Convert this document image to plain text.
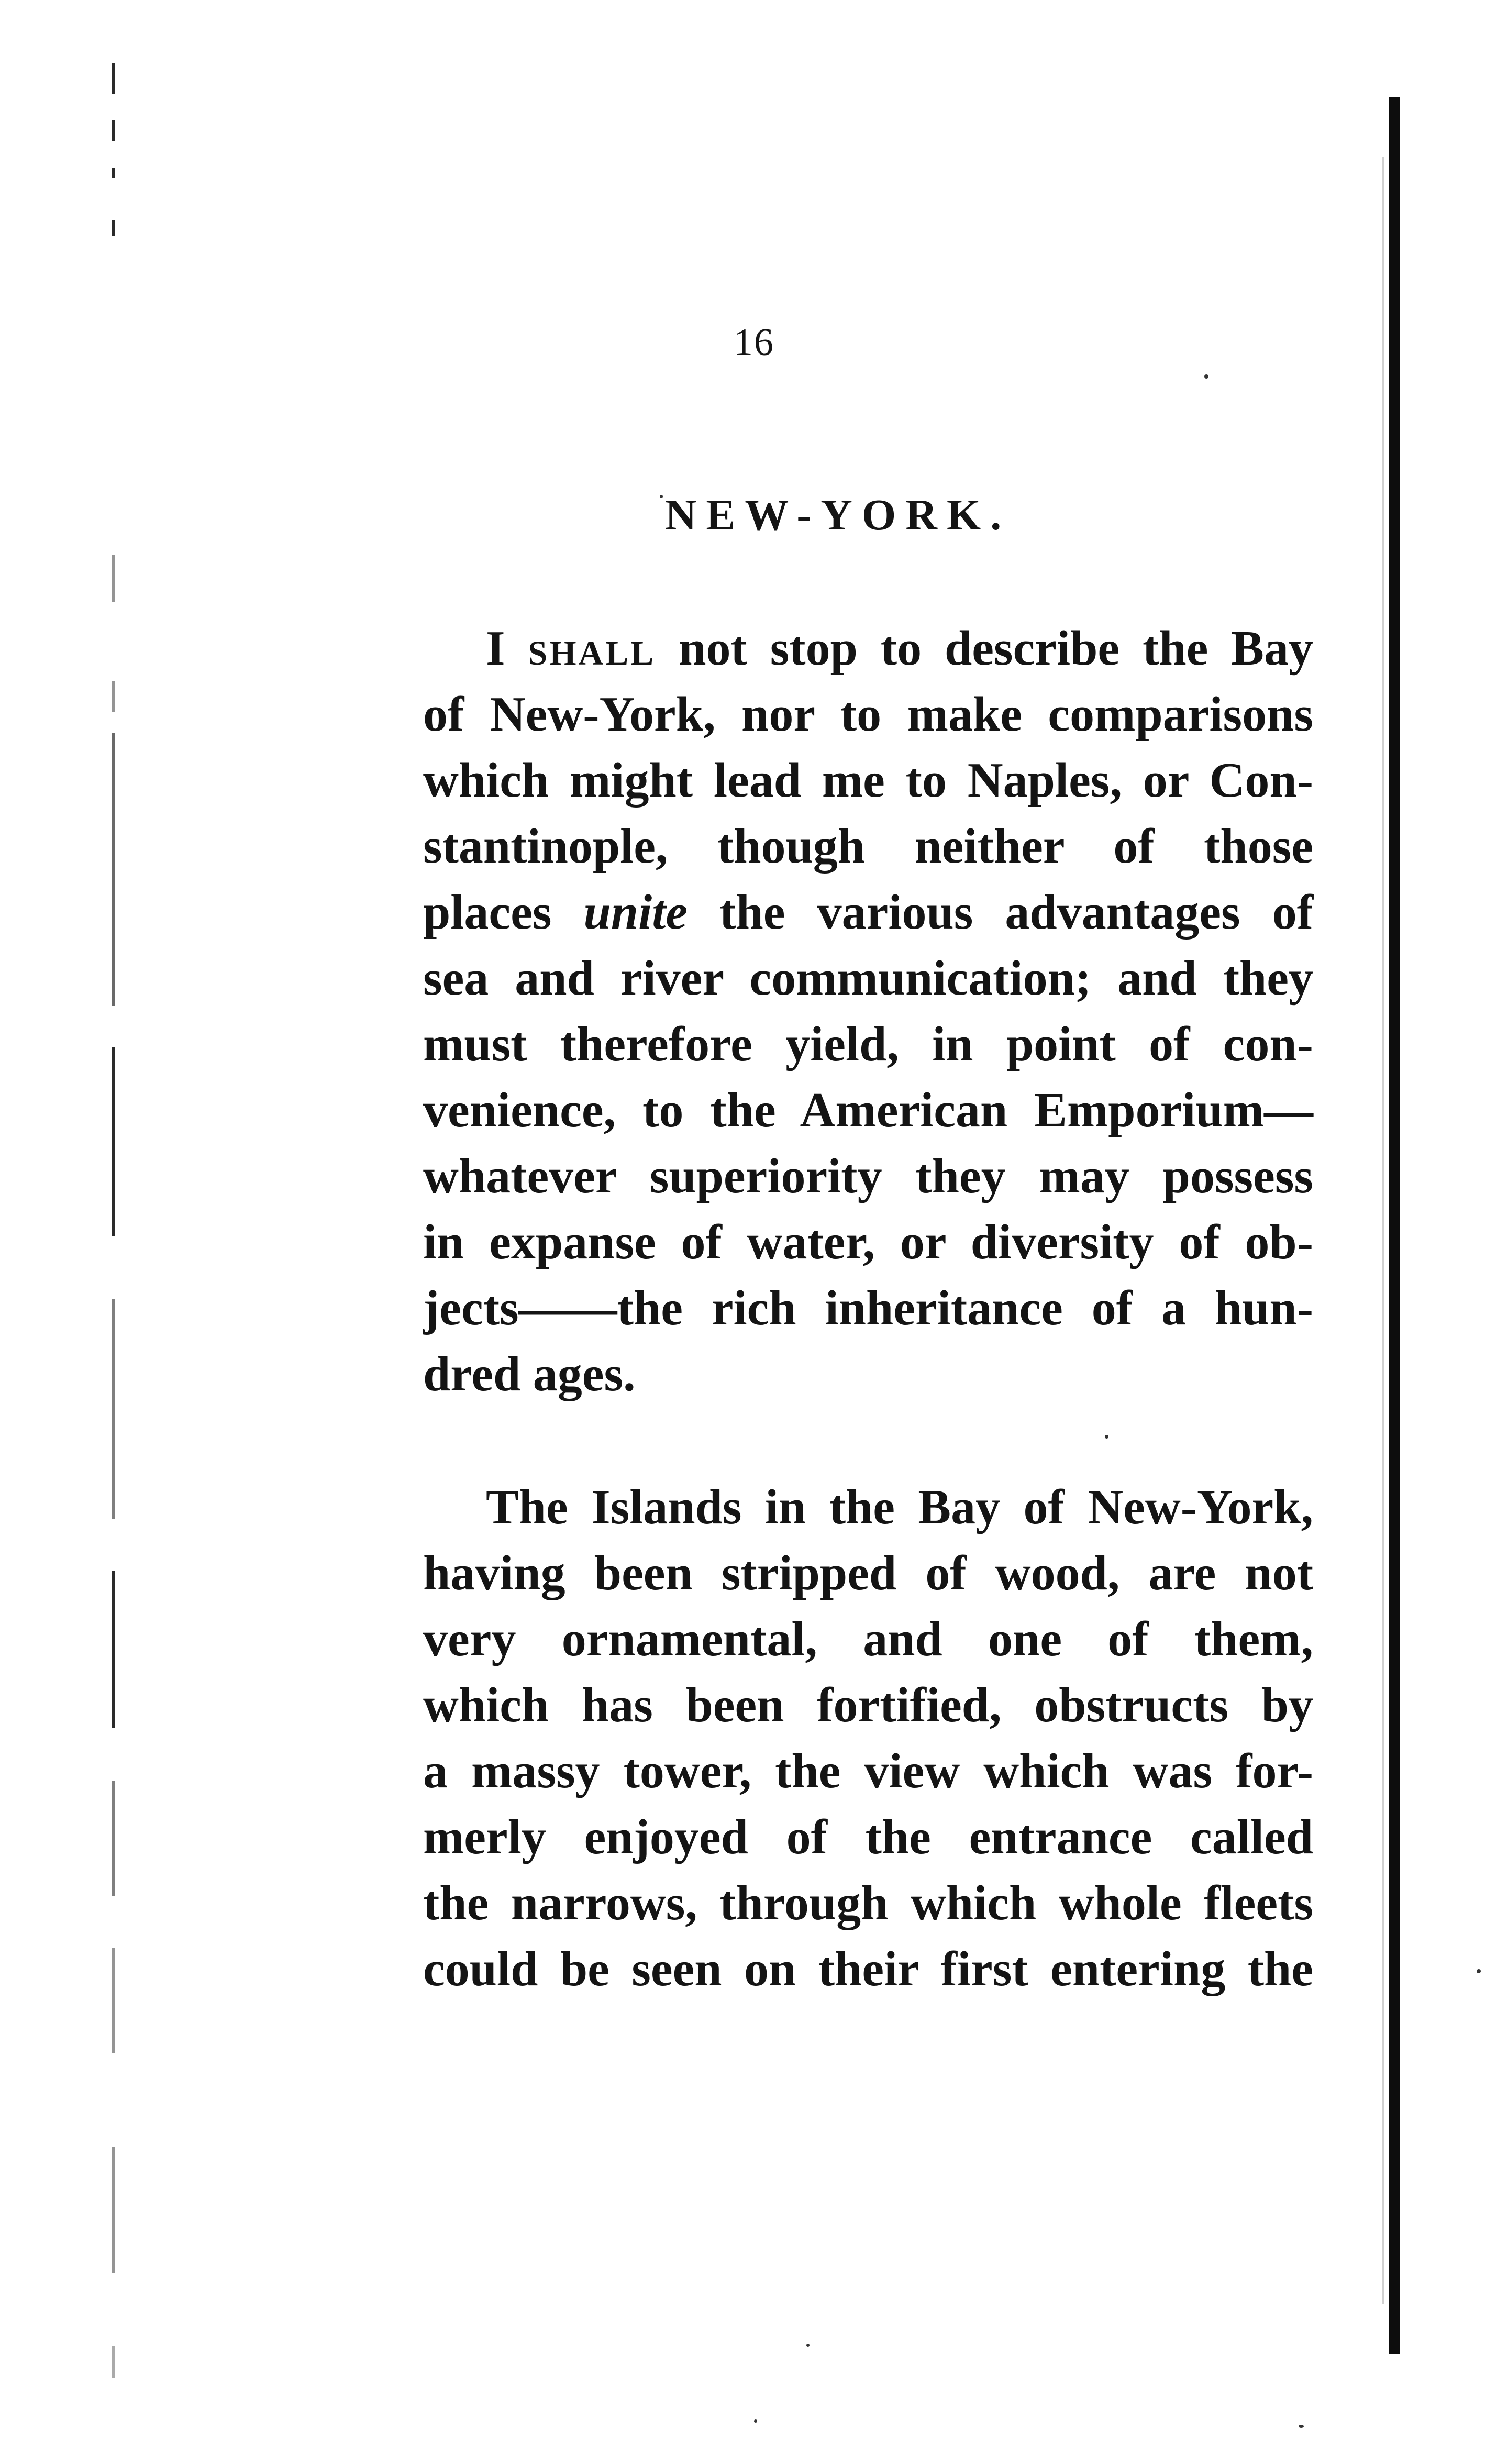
16
NEW-YORK.
I shall not stop to describe the Bay
of New-York, nor to make comparisons
which might lead me to Naples, or Con-
stantinople, though neither of those
places unite the various advantages of
sea and river communication; and they
must therefore yield, in point of con-
venience, to the American Emporium—
whatever superiority they may possess
in expanse of water, or diversity of ob-
jects——the rich inheritance of a hun-
dred ages.
The Islands in the Bay of New-York,
having been stripped of wood, are not
very ornamental, and one of them,
which has been fortified, obstructs by
a massy tower, the view which was for-
merly enjoyed of the entrance called
the narrows, through which whole fleets
could be seen on their first entering the
